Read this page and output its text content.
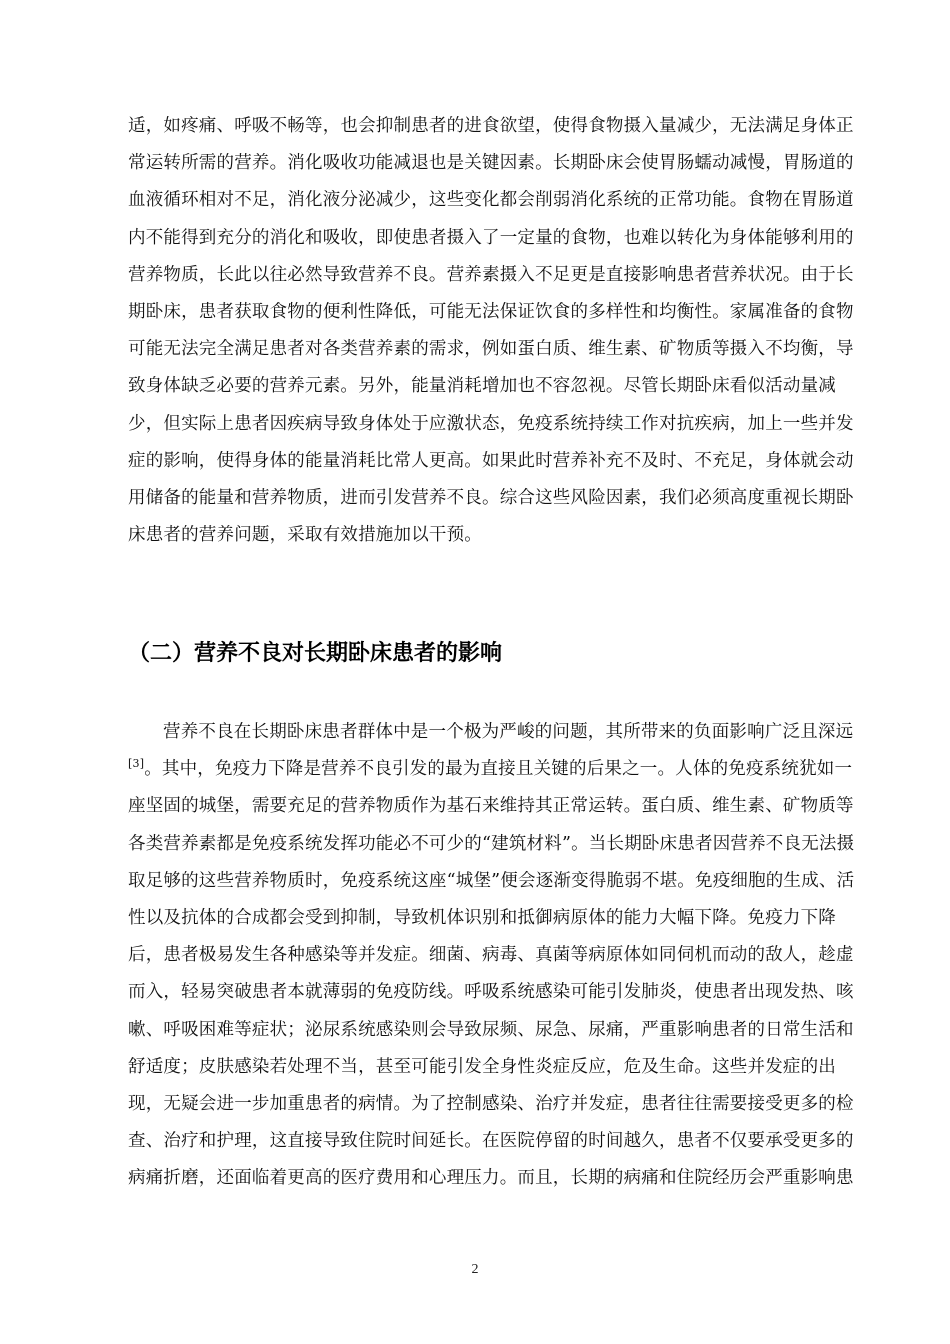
适，如疼痛、呼吸不畅等，也会抑制患者的进食欲望，使得食物摄入量减少，无法满足身体正常运转所需的营养。消化吸收功能减退也是关键因素。长期卧床会使胃肠蠕动减慢，胃肠道的血液循环相对不足，消化液分泌减少，这些变化都会削弱消化系统的正常功能。食物在胃肠道内不能得到充分的消化和吸收，即使患者摄入了一定量的食物，也难以转化为身体能够利用的营养物质，长此以往必然导致营养不良。营养素摄入不足更是直接影响患者营养状况。由于长期卧床，患者获取食物的便利性降低，可能无法保证饮食的多样性和均衡性。家属准备的食物可能无法完全满足患者对各类营养素的需求，例如蛋白质、维生素、矿物质等摄入不均衡，导致身体缺乏必要的营养元素。另外，能量消耗增加也不容忽视。尽管长期卧床看似活动量减少，但实际上患者因疾病导致身体处于应激状态，免疫系统持续工作对抗疾病，加上一些并发症的影响，使得身体的能量消耗比常人更高。如果此时营养补充不及时、不充足，身体就会动用储备的能量和营养物质，进而引发营养不良。综合这些风险因素，我们必须高度重视长期卧床患者的营养问题，采取有效措施加以干预。
（二）营养不良对长期卧床患者的影响
营养不良在长期卧床患者群体中是一个极为严峻的问题，其所带来的负面影响广泛且深远[3]。其中，免疫力下降是营养不良引发的最为直接且关键的后果之一。人体的免疫系统犹如一座坚固的城堡，需要充足的营养物质作为基石来维持其正常运转。蛋白质、维生素、矿物质等各类营养素都是免疫系统发挥功能必不可少的“建筑材料”。当长期卧床患者因营养不良无法摄取足够的这些营养物质时，免疫系统这座“城堡”便会逐渐变得脆弱不堪。免疫细胞的生成、活性以及抗体的合成都会受到抑制，导致机体识别和抵御病原体的能力大幅下降。免疫力下降后，患者极易发生各种感染等并发症。细菌、病毒、真菌等病原体如同伺机而动的敌人，趁虚而入，轻易突破患者本就薄弱的免疫防线。呼吸系统感染可能引发肺炎，使患者出现发热、咳嗽、呼吸困难等症状；泌尿系统感染则会导致尿频、尿急、尿痛，严重影响患者的日常生活和舒适度；皮肤感染若处理不当，甚至可能引发全身性炎症反应，危及生命。这些并发症的出现，无疑会进一步加重患者的病情。为了控制感染、治疗并发症，患者往往需要接受更多的检查、治疗和护理，这直接导致住院时间延长。在医院停留的时间越久，患者不仅要承受更多的病痛折磨，还面临着更高的医疗费用和心理压力。而且，长期的病痛和住院经历会严重影响患
2
